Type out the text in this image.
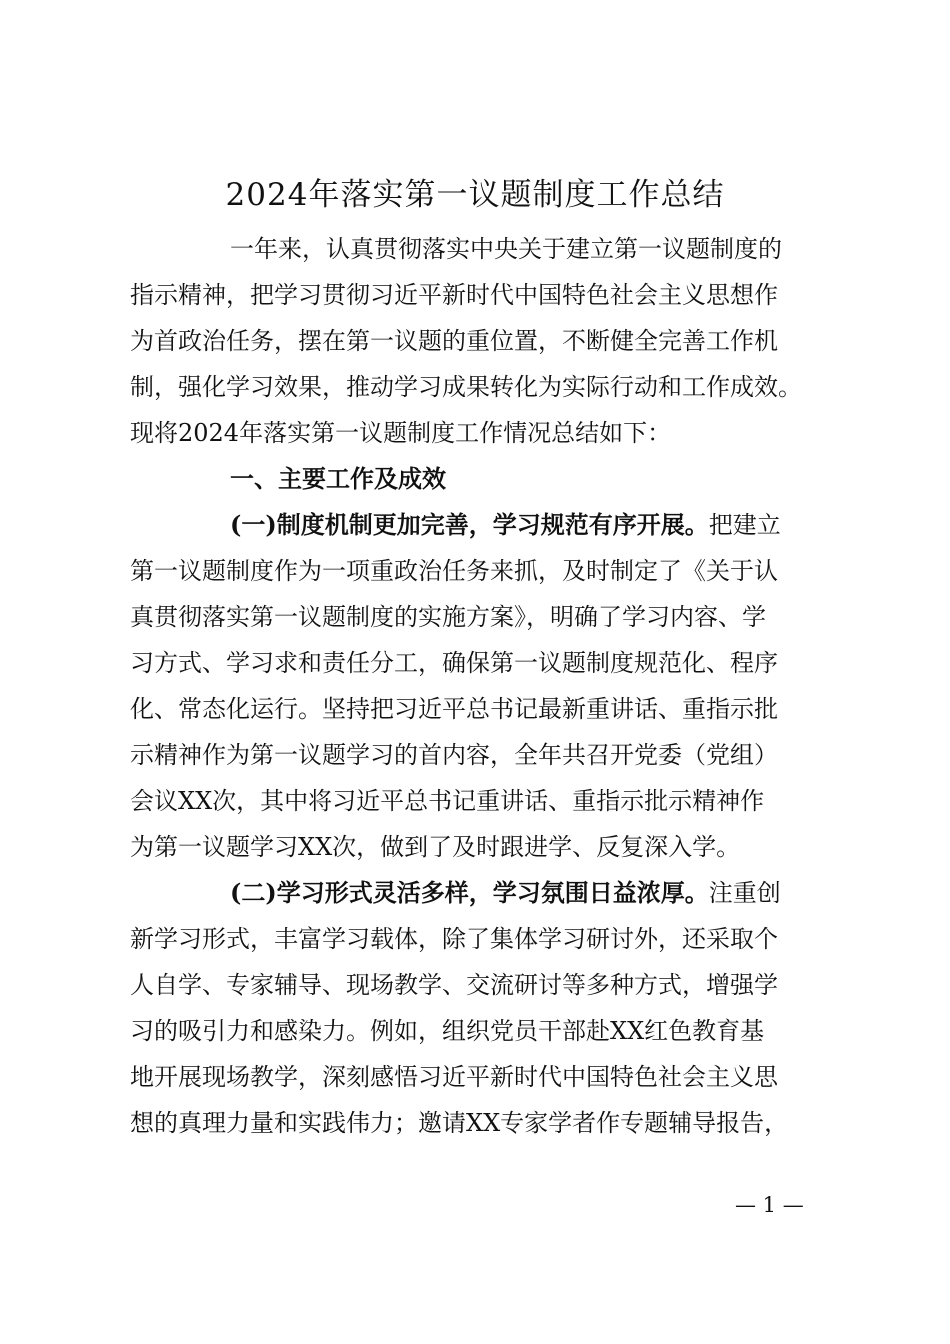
2024年落实第一议题制度工作总结
一年来，认真贯彻落实中央关于建立第一议题制度的
指示精神，把学习贯彻习近平新时代中国特色社会主义思想作
为首政治任务，摆在第一议题的重位置，不断健全完善工作机
制，强化学习效果，推动学习成果转化为实际行动和工作成效。
现将2024年落实第一议题制度工作情况总结如下：
一、主要工作及成效
(一)制度机制更加完善，学习规范有序开展。把建立
第一议题制度作为一项重政治任务来抓，及时制定了《关于认
真贯彻落实第一议题制度的实施方案》，明确了学习内容、学
习方式、学习求和责任分工，确保第一议题制度规范化、程序
化、常态化运行。坚持把习近平总书记最新重讲话、重指示批
示精神作为第一议题学习的首内容，全年共召开党委（党组）
会议XX次，其中将习近平总书记重讲话、重指示批示精神作
为第一议题学习XX次，做到了及时跟进学、反复深入学。
(二)学习形式灵活多样，学习氛围日益浓厚。注重创
新学习形式，丰富学习载体，除了集体学习研讨外，还采取个
人自学、专家辅导、现场教学、交流研讨等多种方式，增强学
习的吸引力和感染力。例如，组织党员干部赴XX红色教育基
地开展现场教学，深刻感悟习近平新时代中国特色社会主义思
想的真理力量和实践伟力；邀请XX专家学者作专题辅导报告，
— 1 —
